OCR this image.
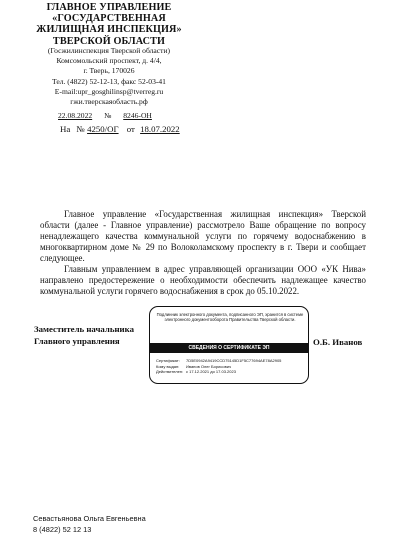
ГЛАВНОЕ УПРАВЛЕНИЕ
«ГОСУДАРСТВЕННАЯ
ЖИЛИЩНАЯ ИНСПЕКЦИЯ»
ТВЕРСКОЙ ОБЛАСТИ
(Госжилинспекция Тверской области)
Комсомольский проспект, д. 4/4,
г. Тверь, 170026
Тел. (4822) 52-12-13, факс 52-03-41
E-mail:upr_gosghilinsp@tverreg.ru
гжи.тверскаяобласть.рф
22.08.2022 № 8246-ОН
На № 4250/ОГ от 18.07.2022
Главное управление «Государственная жилищная инспекция» Тверской области (далее - Главное управление) рассмотрело Ваше обращение по вопросу ненадлежащего качества коммунальной услуги по горячему водоснабжению в многоквартирном доме № 29 по Волоколамскому проспекту в г. Твери и сообщает следующее.
Главным управлением в адрес управляющей организации ООО «УК Нива» направлено предостережение о необходимости обеспечить надлежащее качество коммунальной услуги горячего водоснабжения в срок до 05.10.2022.
Заместитель начальника
Главного управления
Подлинник электронного документа, подписанного ЭП, хранится в системе электронного документооборота Правительства Тверской области.
СВЕДЕНИЯ О СЕРТИФИКАТЕ ЭП
Сертификат: 7D5E0942A9419CCD75145D1F5C77694AE78A2905
Кому выдан: Иванов Олег Борисович
Действителен: с 17.12.2021 до 17.03.2023
О.Б. Иванов
Севастьянова Ольга Евгеньевна
8 (4822) 52 12 13
